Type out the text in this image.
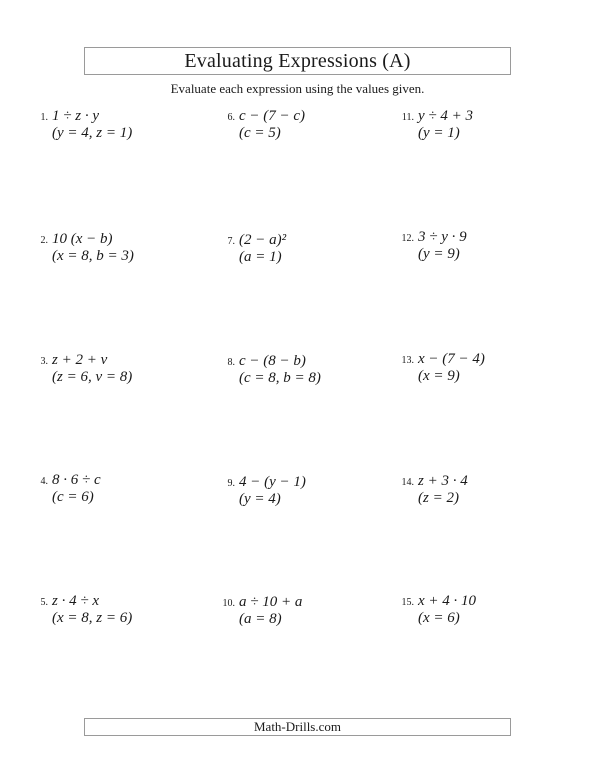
Evaluating Expressions (A)
Evaluate each expression using the values given.
1. 1 ÷ z · y
(y = 4, z = 1)
2. 10 (x − b)
(x = 8, b = 3)
3. z + 2 + v
(z = 6, v = 8)
4. 8 · 6 ÷ c
(c = 6)
5. z · 4 ÷ x
(x = 8, z = 6)
6. c − (7 − c)
(c = 5)
7. (2 − a)²
(a = 1)
8. c − (8 − b)
(c = 8, b = 8)
9. 4 − (y − 1)
(y = 4)
10. a ÷ 10 + a
(a = 8)
11. y ÷ 4 + 3
(y = 1)
12. 3 ÷ y · 9
(y = 9)
13. x − (7 − 4)
(x = 9)
14. z + 3 · 4
(z = 2)
15. x + 4 · 10
(x = 6)
Math-Drills.com
